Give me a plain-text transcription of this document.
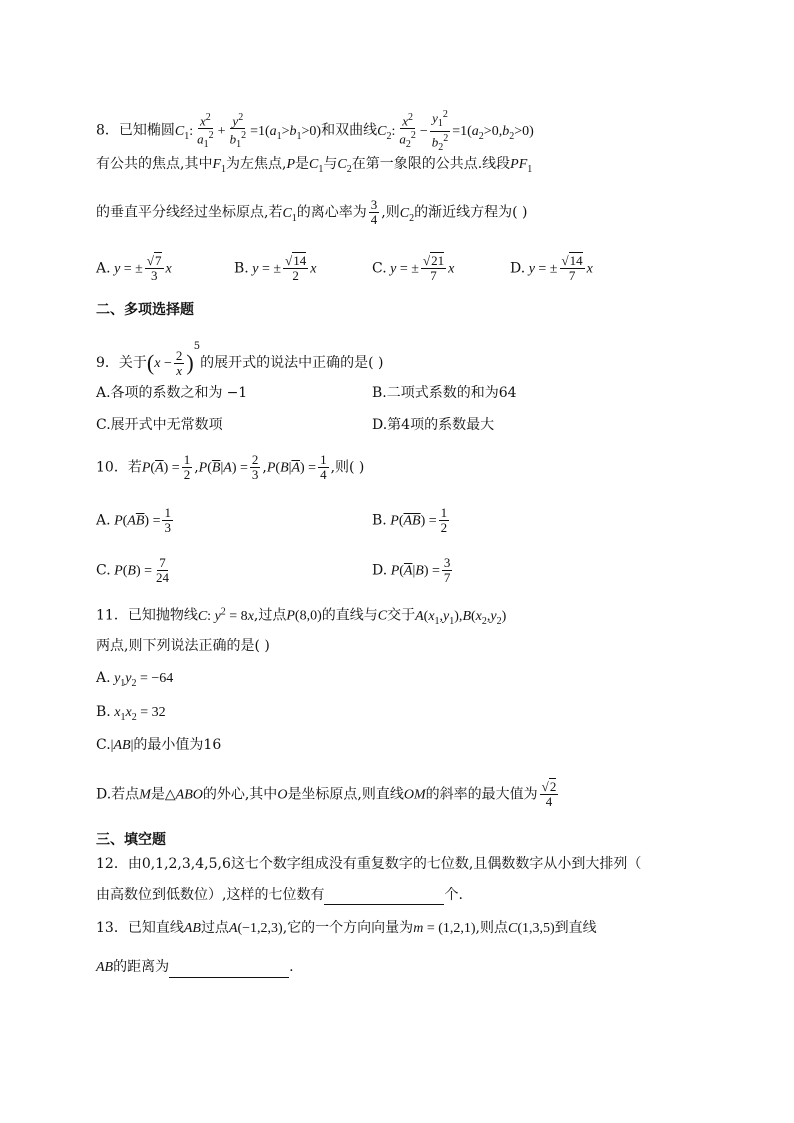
8．已知椭圆$C_1$: $\frac{x^2}{a_1^2} + \frac{y^2}{b_1^2} =1(a_1>b_1>0)$和双曲线$C_2$: $\frac{x^2}{a_2^2} - \frac{y_1^2}{b_2^2} =1(a_2>0,b_2>0)$
有公共的焦点,其中$F_1$为左焦点,P是$C_1$与$C_2$在第一象限的公共点.线段$PF_1$
的垂直平分线经过坐标原点,若$C_1$的离心率为 $\frac{3}{4}$ ,则$C_2$的渐近线方程为( )
A. y = ± $\frac{√7}{3}$ x	B. y = ± $\frac{√14}{2}$ x	C. y = ± $\frac{√21}{7}$ x	D. y = ± $\frac{√14}{7}$ x
二、多项选择题
9．关于$(x - \frac{2}{x} )^5$的展开式的说法中正确的是( )
A.各项的系数之和为 −1	B.二项式系数的和为64
C.展开式中无常数项	D.第4项的系数最大
10．若$P(\overline{A}) = \frac{1}{2} ,P(\overline{B}|A) = \frac{2}{3} ,P(B|\overline{A}) = \frac{1}{4}$ ,则( )
A. $P(A\overline{B}) = \frac{1}{3}$	B. $P(\overline{AB}) = \frac{1}{2}$
C. $P(B) = \frac{7}{24}$	D. $P(\overline{A}|B) = \frac{3}{7}$
11．已知抛物线C: $y^2 = 8x$,过点P(8,0)的直线与C交于$A(x_1,y_1),B(x_2,y_2)$
两点,则下列说法正确的是( )
A. $y_1y_2 = -64$
B. $x_1x_2 = 32$
C.|AB|的最小值为16
D.若点M是△ABO的外心,其中O是坐标原点,则直线OM的斜率的最大值为 $\frac{√2}{4}$
三、填空题
12．由0,1,2,3,4,5,6这七个数字组成没有重复数字的七位数,且偶数数字从小到大排列（
由高数位到低数位）,这样的七位数有	个.
13．已知直线AB过点A(−1,2,3),它的一个方向向量为m = (1,2,1),则点C(1,3,5)到直线
AB的距离为	.
